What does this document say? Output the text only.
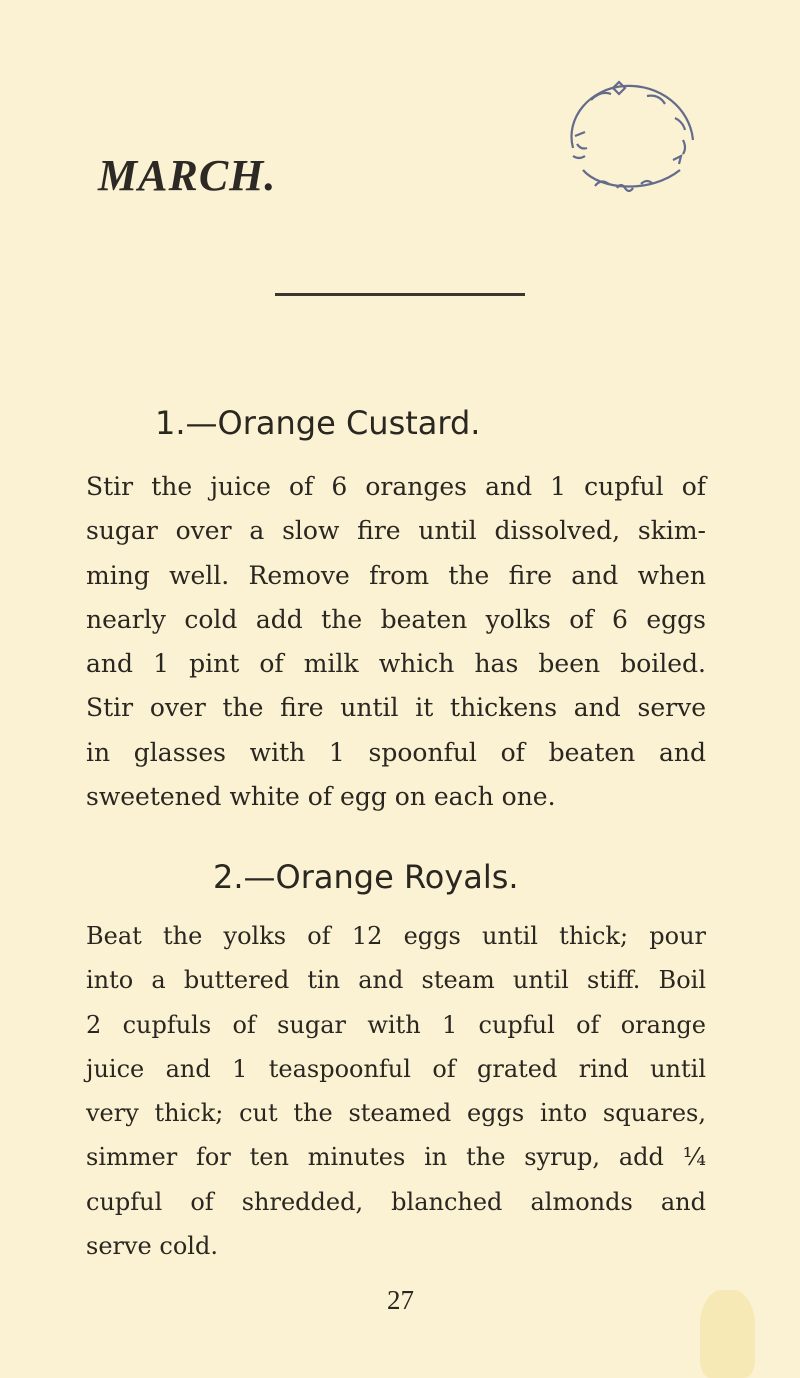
MARCH.
1.—Orange Custard.
Stir the juice of 6 oranges and 1 cupful of
sugar over a slow fire until dissolved, skim-
ming well. Remove from the fire and when
nearly cold add the beaten yolks of 6 eggs
and 1 pint of milk which has been boiled.
Stir over the fire until it thickens and serve
in glasses with 1 spoonful of beaten and
sweetened white of egg on each one.
2.—Orange Royals.
Beat the yolks of 12 eggs until thick; pour
into a buttered tin and steam until stiff. Boil
2 cupfuls of sugar with 1 cupful of orange
juice and 1 teaspoonful of grated rind until
very thick; cut the steamed eggs into squares,
simmer for ten minutes in the syrup, add ¼
cupful of shredded, blanched almonds and
serve cold.
27
